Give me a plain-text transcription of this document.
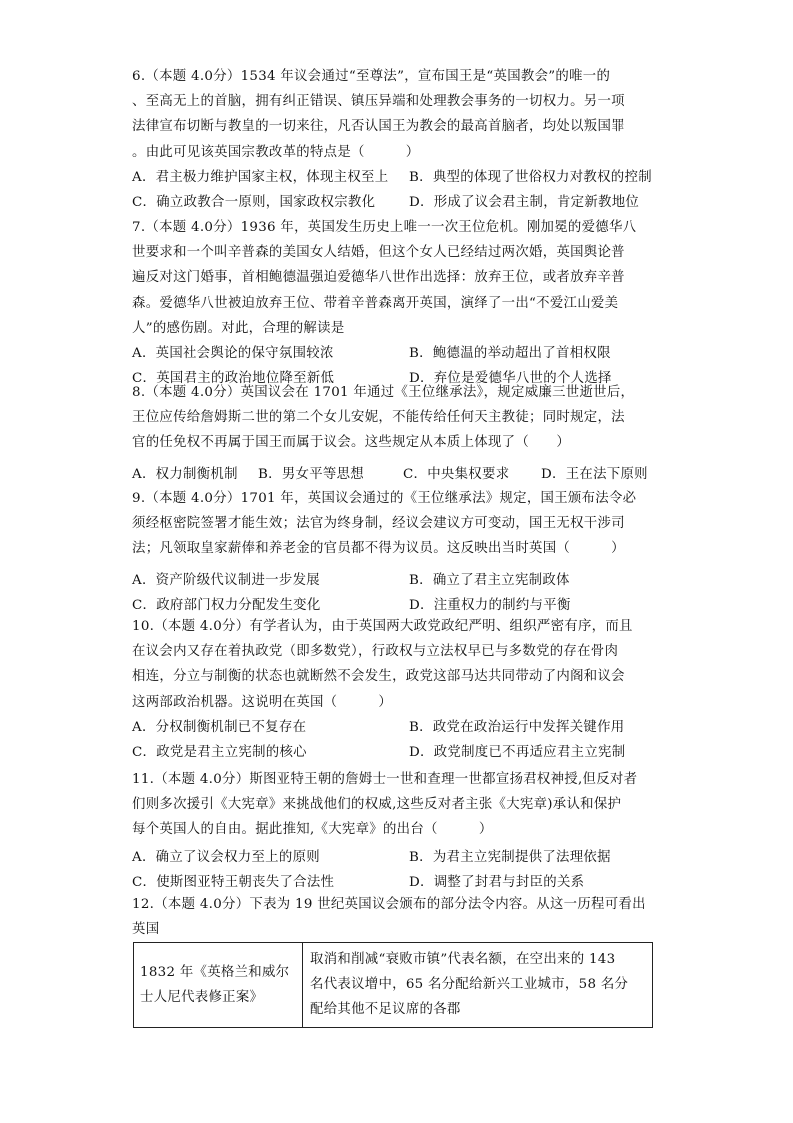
6.（本题 4.0分）1534 年议会通过“至尊法”，宣布国王是“英国教会”的唯一的

、至高无上的首脑，拥有纠正错误、镇压异端和处理教会事务的一切权力。另一项

法律宣布切断与教皇的一切来往，凡否认国王为教会的最高首脑者，均处以叛国罪

。由此可见该英国宗教改革的特点是（　　　）

A．君主极力维护国家主权，体现主权至上	B．典型的体现了世俗权力对教权的控制
C．确立政教合一原则，国家政权宗教化	D．形成了议会君主制，肯定新教地位

7.（本题 4.0分）1936 年，英国发生历史上唯一一次王位危机。刚加冕的爱德华八

世要求和一个叫辛普森的美国女人结婚，但这个女人已经结过两次婚，英国舆论普

遍反对这门婚事，首相鲍德温强迫爱德华八世作出选择：放弃王位，或者放弃辛普

森。爱德华八世被迫放弃王位、带着辛普森离开英国，演绎了一出“不爱江山爱美

人”的感伤剧。对此，合理的解读是

A．英国社会舆论的保守氛围较浓	B．鲍德温的举动超出了首相权限
C．英国君主的政治地位降至新低	D．弃位是爱德华八世的个人选择

8.（本题 4.0分）英国议会在 1701 年通过《王位继承法》，规定威廉三世逝世后，

王位应传给詹姆斯二世的第二个女儿安妮，不能传给任何天主教徒；同时规定，法

官的任免权不再属于国王而属于议会。这些规定从本质上体现了（　　）

A．权力制衡机制	B．男女平等思想	C．中央集权要求	D．王在法下原则

9.（本题 4.0分）1701 年，英国议会通过的《王位继承法》规定，国王颁布法令必

须经枢密院签署才能生效；法官为终身制，经议会建议方可变动，国王无权干涉司

法；凡领取皇家薪俸和养老金的官员都不得为议员。这反映出当时英国（　　　）

A．资产阶级代议制进一步发展	B．确立了君主立宪制政体
C．政府部门权力分配发生变化	D．注重权力的制约与平衡

10.（本题 4.0分）有学者认为，由于英国两大政党政纪严明、组织严密有序，而且

在议会内又存在着执政党（即多数党），行政权与立法权早已与多数党的存在骨肉

相连，分立与制衡的状态也就断然不会发生，政党这部马达共同带动了内阁和议会

这两部政治机器。这说明在英国（　　　）

A．分权制衡机制已不复存在	B．政党在政治运行中发挥关键作用
C．政党是君主立宪制的核心	D．政党制度已不再适应君主立宪制

11.（本题 4.0分）斯图亚特王朝的詹姆士一世和查理一世都宣扬君权神授,但反对者

们则多次援引《大宪章》来挑战他们的权威,这些反对者主张《大宪章)承认和保护

每个英国人的自由。据此推知,《大宪章》的出台（　　　）

A．确立了议会权力至上的原则	B．为君主立宪制提供了法理依据
C．使斯图亚特王朝丧失了合法性	D．调整了封君与封臣的关系

12.（本题 4.0分）下表为 19 世纪英国议会颁布的部分法令内容。从这一历程可看出

英国

1832 年《英格兰和威尔
士人尼代表修正案》

取消和削减“衰败市镇”代表名额，在空出来的 143
名代表议增中，65 名分配给新兴工业城市，58 名分
配给其他不足议席的各郡
